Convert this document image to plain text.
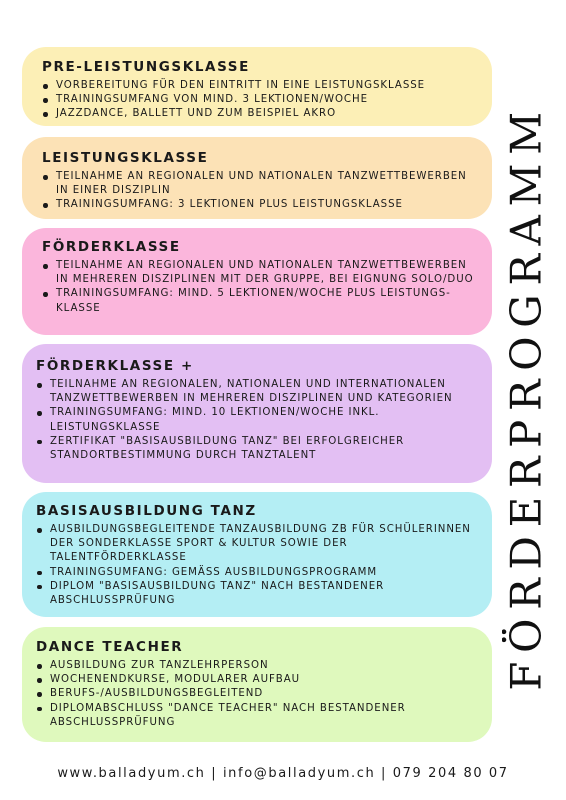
PRE-LEISTUNGSKLASSE
VORBEREITUNG FÜR DEN EINTRITT IN EINE LEISTUNGSKLASSE
TRAININGSUMFANG VON MIND. 3 LEKTIONEN/WOCHE
JAZZDANCE, BALLETT UND ZUM BEISPIEL AKRO
LEISTUNGSKLASSE
TEILNAHME AN REGIONALEN UND NATIONALEN TANZWETTBEWERBEN IN EINER DISZIPLIN
TRAININGSUMFANG: 3 LEKTIONEN PLUS LEISTUNGSKLASSE
FÖRDERKLASSE
TEILNAHME AN REGIONALEN UND NATIONALEN TANZWETTBEWERBEN IN MEHREREN DISZIPLINEN MIT DER GRUPPE, BEI EIGNUNG SOLO/DUO
TRAININGSUMFANG: MIND. 5 LEKTIONEN/WOCHE PLUS LEISTUNGS-KLASSE
FÖRDERKLASSE +
TEILNAHME AN REGIONALEN, NATIONALEN UND INTERNATIONALEN TANZWETTBEWERBEN IN MEHREREN DISZIPLINEN UND KATEGORIEN
TRAININGSUMFANG: MIND. 10 LEKTIONEN/WOCHE INKL. LEISTUNGSKLASSE
ZERTIFIKAT "BASISAUSBILDUNG TANZ" BEI ERFOLGREICHER STANDORTBESTIMMUNG DURCH TANZTALENT
BASISAUSBILDUNG TANZ
AUSBILDUNGSBEGLEITENDE TANZAUSBILDUNG ZB FÜR SCHÜLERINNEN DER SONDERKLASSE SPORT & KULTUR SOWIE DER TALENTFÖRDERKLASSE
TRAININGSUMFANG: GEMÄSS AUSBILDUNGSPROGRAMM
DIPLOM "BASISAUSBILDUNG TANZ" NACH BESTANDENER ABSCHLUSSPRÜFUNG
DANCE TEACHER
AUSBILDUNG ZUR TANZLEHRPERSON
WOCHENENDKURSE, MODULARER AUFBAU
BERUFS-/AUSBILDUNGSBEGLEITEND
DIPLOMABSCHLUSS "DANCE TEACHER" NACH BESTANDENER ABSCHLUSSPRÜFUNG
FÖRDERPROGRAMM
www.balladyum.ch | info@balladyum.ch | 079 204 80 07
